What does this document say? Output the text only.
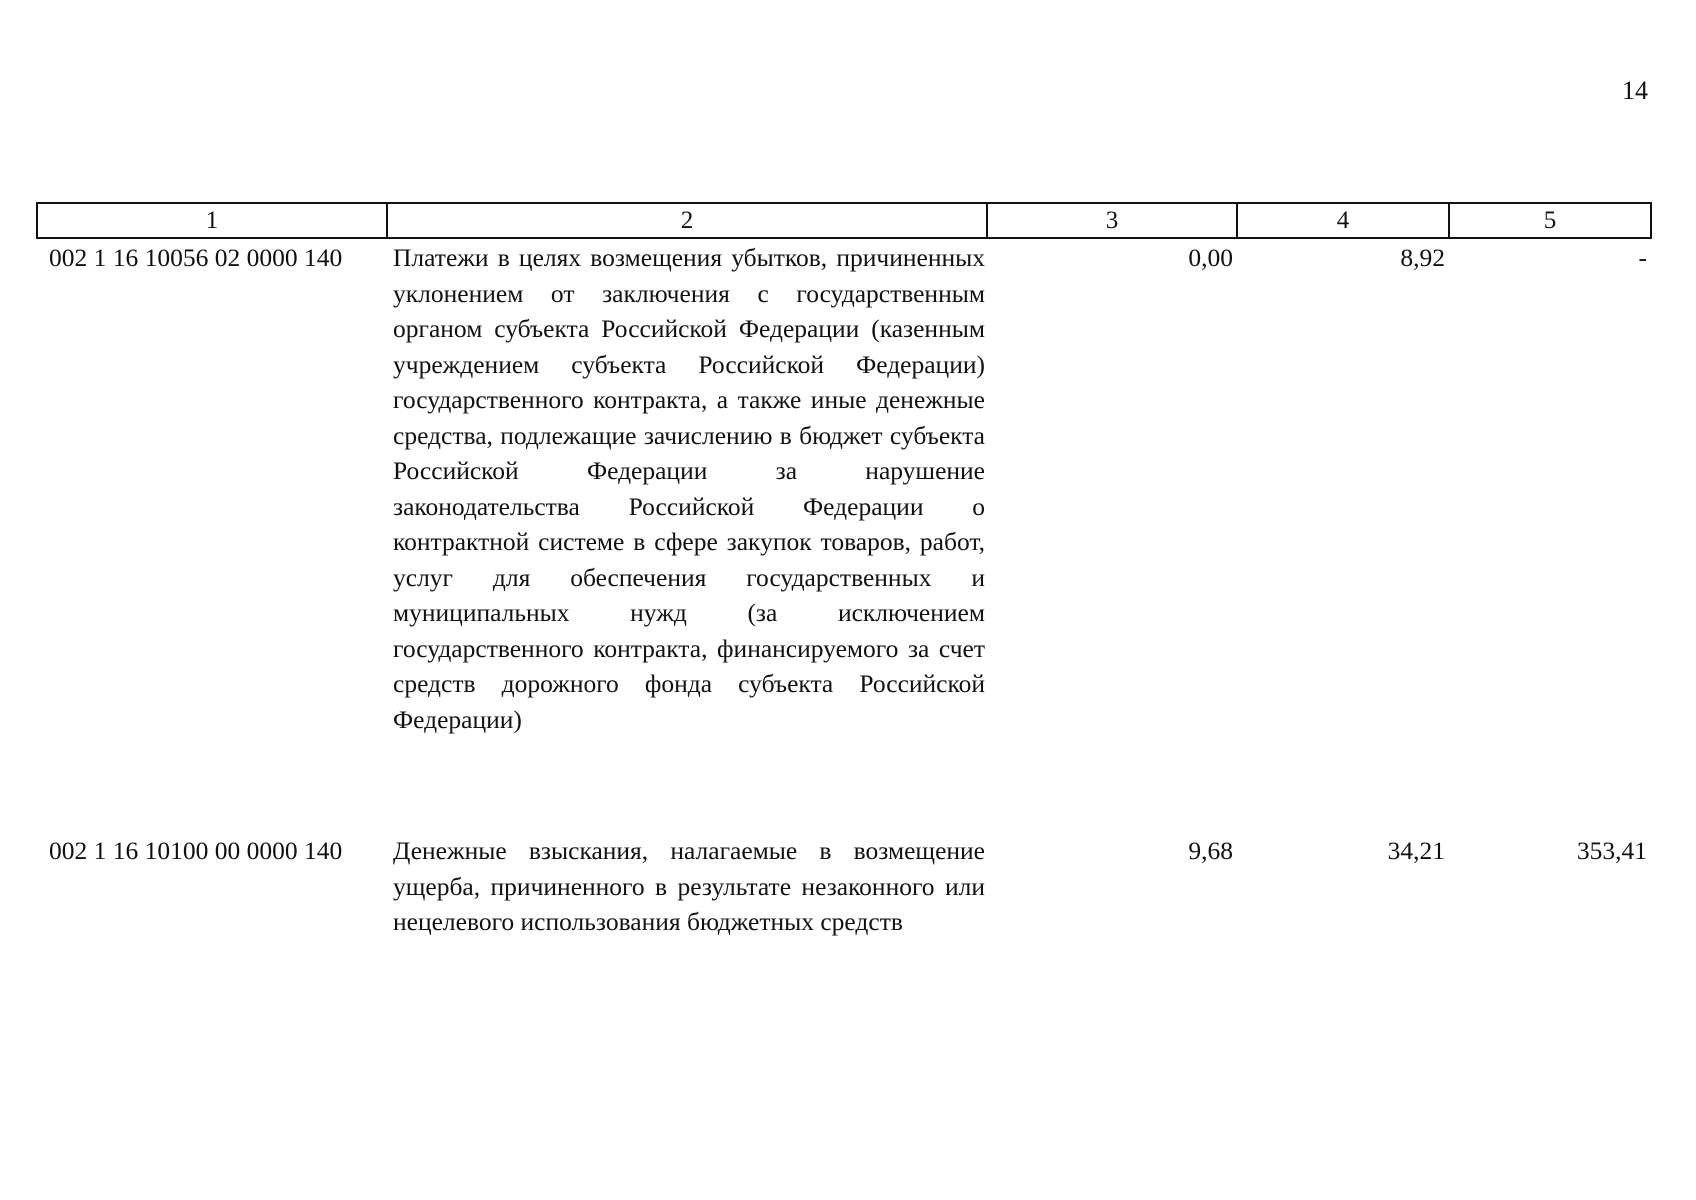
14
1	2	3	4	5
002 1 16 10056 02 0000 140	Платежи в целях возмещения убытков, причиненных уклонением от заключения с государственным органом субъекта Российской Федерации (казенным учреждением субъекта Российской Федерации) государственного контракта, а также иные денежные средства, подлежащие зачислению в бюджет субъекта Российской Федерации за нарушение законодательства Российской Федерации о контрактной системе в сфере закупок товаров, работ, услуг для обеспечения государственных и муниципальных нужд (за исключением государственного контракта, финансируемого за счет средств дорожного фонда субъекта Российской Федерации)	0,00	8,92	-
002 1 16 10100 00 0000 140	Денежные взыскания, налагаемые в возмещение ущерба, причиненного в результате незаконного или нецелевого использования бюджетных средств	9,68	34,21	353,41
